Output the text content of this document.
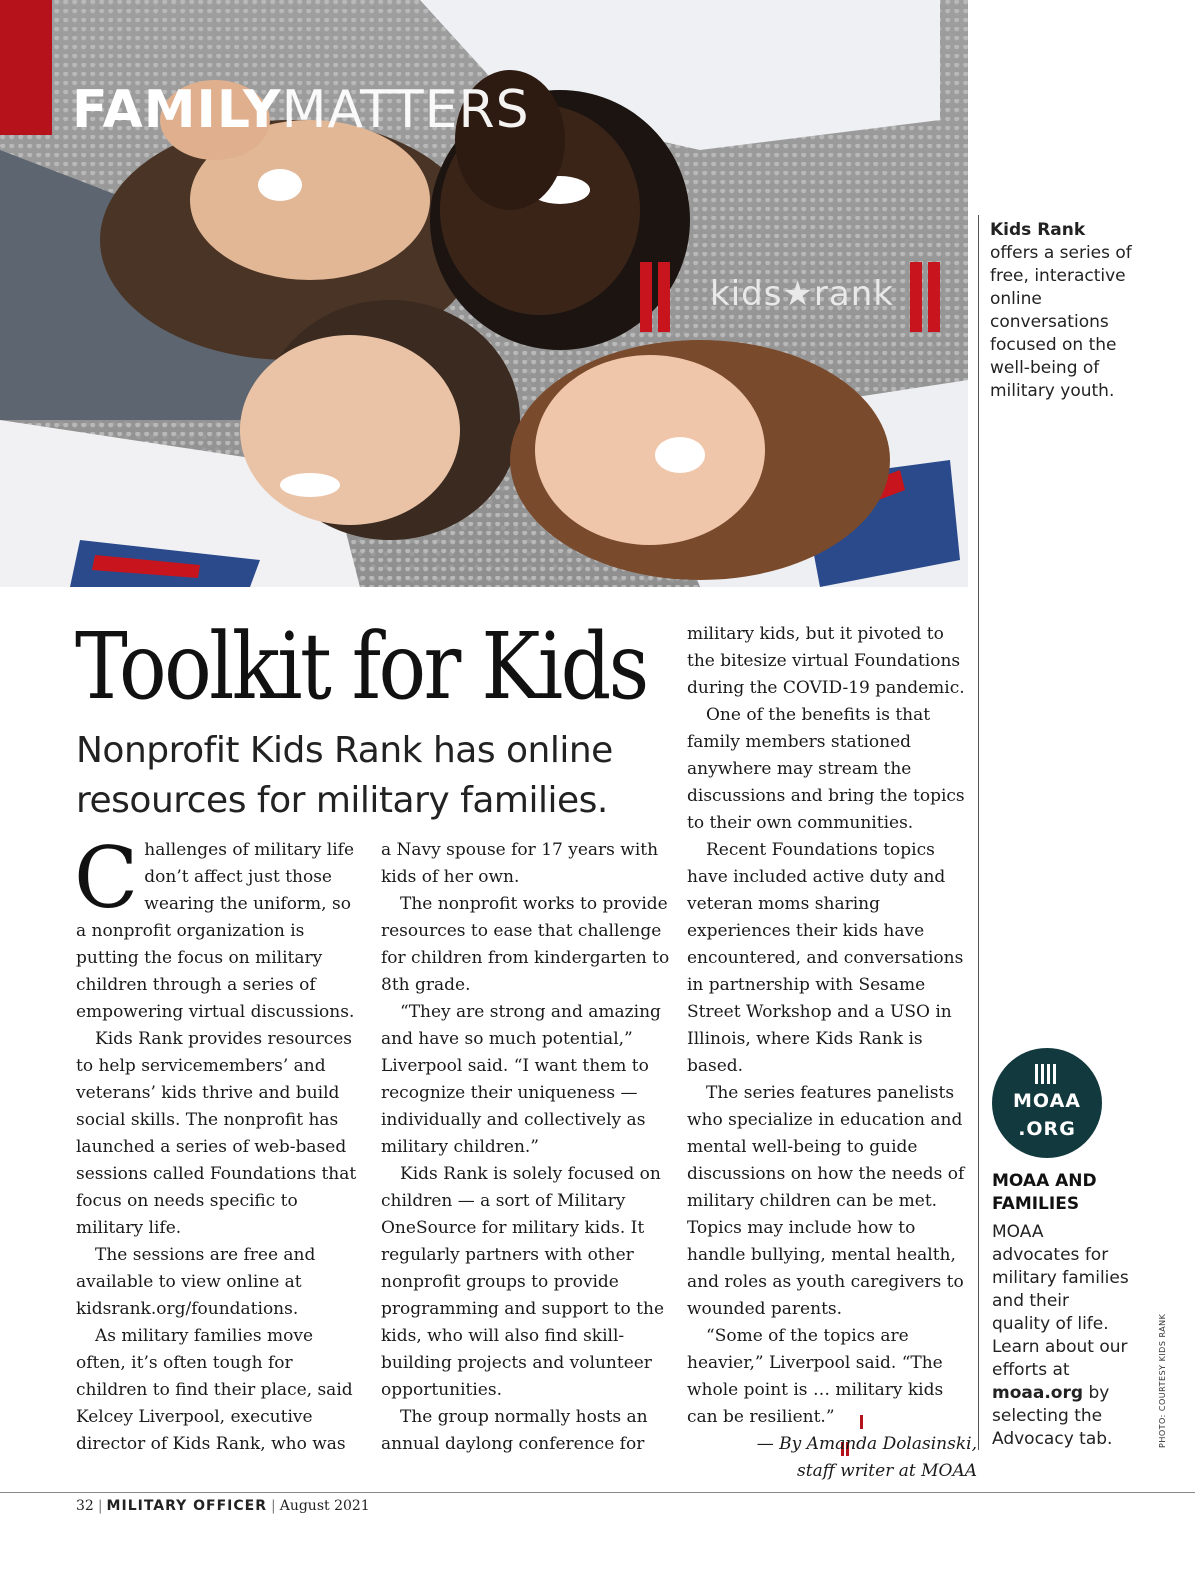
FAMILYMATTERS
kids★rank
Kids Rank
offers a series of free, interactive online conversations focused on the well-being of military youth.
Toolkit for Kids
Nonprofit Kids Rank has online resources for military families.

Challenges of military life don’t affect just those wearing the uniform, so a nonprofit organization is putting the focus on military children through a series of empowering virtual discussions.

Kids Rank provides resources to help servicemembers’ and veterans’ kids thrive and build social skills. The nonprofit has launched a series of web-based sessions called Foundations that focus on needs specific to military life.

The sessions are free and available to view online at kidsrank.org/foundations.

As military families move often, it’s often tough for children to find their place, said Kelcey Liverpool, executive director of Kids Rank, who was

a Navy spouse for 17 years with kids of her own.

The nonprofit works to provide resources to ease that challenge for children from kindergarten to 8th grade.

“They are strong and amazing and have so much potential,” Liverpool said. “I want them to recognize their uniqueness — individually and collectively as military children.”

Kids Rank is solely focused on children — a sort of Military OneSource for military kids. It regularly partners with other nonprofit groups to provide programming and support to the kids, who will also find skill-building projects and volunteer opportunities.

The group normally hosts an annual daylong conference for

military kids, but it pivoted to the bitesize virtual Foundations during the COVID-19 pandemic.

One of the benefits is that family members stationed anywhere may stream the discussions and bring the topics to their own communities.

Recent Foundations topics have included active duty and veteran moms sharing experiences their kids have encountered, and conversations in partnership with Sesame Street Workshop and a USO in Illinois, where Kids Rank is based.

The series features panelists who specialize in education and mental well-being to guide discussions on how the needs of military children can be met. Topics may include how to handle bullying, mental health, and roles as youth caregivers to wounded parents.

“Some of the topics are heavier,” Liverpool said. “The whole point is … military kids can be resilient.”

— By Amanda Dolasinski,

staff writer at MOAA

MOAA
.ORG
MOAA AND FAMILIES
MOAA advocates for military families and their quality of life. Learn about our efforts at moaa.org by selecting the Advocacy tab.	PHOTO: COURTESY KIDS RANK
32 | MILITARY OFFICER | August 2021
